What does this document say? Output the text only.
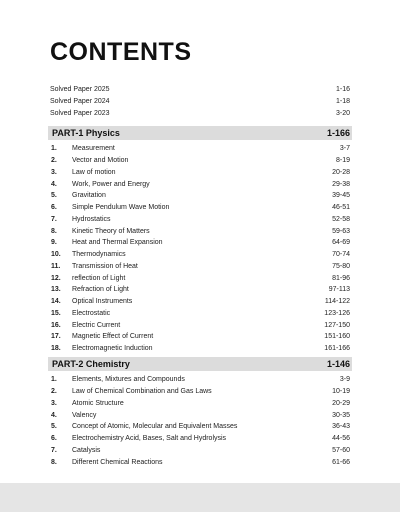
CONTENTS
Solved Paper 2025	1-16
Solved Paper 2024	1-18
Solved Paper 2023	3-20
PART-1 Physics	1-166
1.	Measurement	3-7
2.	Vector and Motion	8-19
3.	Law of motion	20-28
4.	Work, Power and Energy	29-38
5.	Gravitation	39-45
6.	Simple Pendulum Wave Motion	46-51
7.	Hydrostatics	52-58
8.	Kinetic Theory of Matters	59-63
9.	Heat and Thermal Expansion	64-69
10.	Thermodynamics	70-74
11.	Transmission of Heat	75-80
12.	reflection of Light	81-96
13.	Refraction of Light	97-113
14.	Optical Instruments	114-122
15.	Electrostatic	123-126
16.	Electric Current	127-150
17.	Magnetic Effect of Current	151-160
18.	Electromagnetic Induction	161-166
PART-2 Chemistry	1-146
1.	Elements, Mixtures and Compounds	3-9
2.	Law of Chemical Combination and Gas Laws	10-19
3.	Atomic Structure	20-29
4.	Valency	30-35
5.	Concept of Atomic, Molecular and Equivalent Masses	36-43
6.	Electrochemistry Acid, Bases, Salt and Hydrolysis	44-56
7.	Catalysis	57-60
8.	Different Chemical Reactions	61-66
